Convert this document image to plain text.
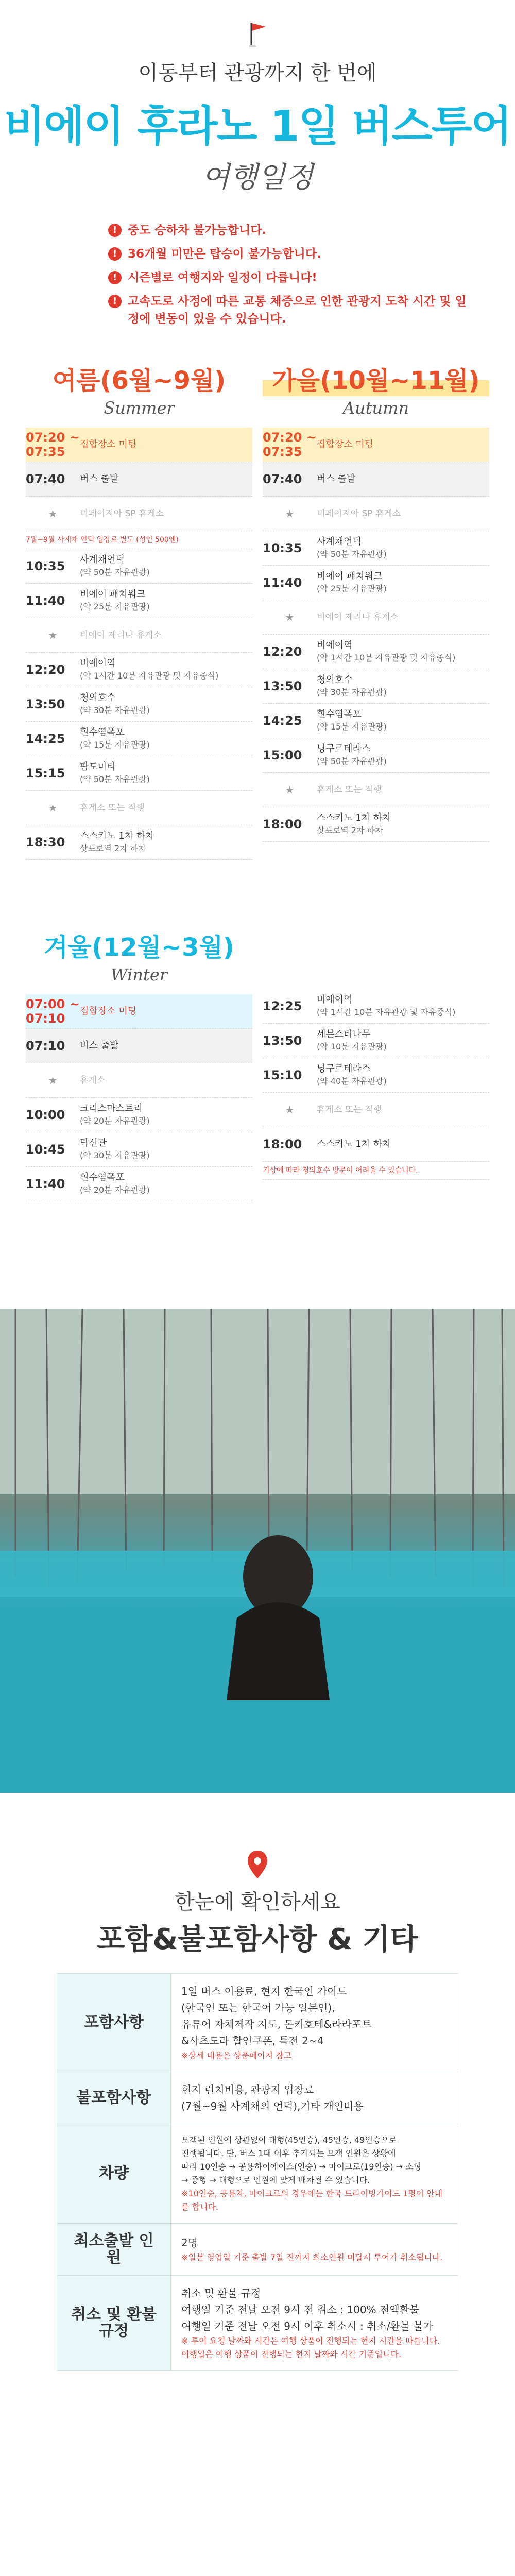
이동부터 관광까지 한 번에
비에이 후라노 1일 버스투어
여행일정
! 중도 승하차 불가능합니다.
! 36개월 미만은 탑승이 불가능합니다.
! 시즌별로 여행지와 일정이 다릅니다!
! 고속도로 사정에 따른 교통 체증으로 인한 관광지 도착 시간 및 일정에 변동이 있을 수 있습니다.
여름(6월~9월)
Summer
가을(10월~11월)
Autumn
07:20 ~ 07:35
집합장소 미팅
07:40	버스 출발
★	미페이지아 SP 휴게소
7월~9월 사계채 언덕 입장료 별도 (성인 500엔)
10:35	사계채언덕
(약 50분 자유관광)
11:40	비에이 패치워크
(약 25분 자유관광)
★	비에이 제리나 휴게소
12:20	비에이역
(약 1시간 10분 자유관광 및 자유중식)
13:50	청의호수
(약 30분 자유관광)
14:25	흰수염폭포
(약 15분 자유관광)
15:15	팜도미타
(약 50분 자유관광)
★	휴게소 또는 직행
18:30	스스키노 1차 하차
삿포로역 2차 하차
07:20 ~ 07:35
집합장소 미팅
07:40	버스 출발
★	미페이지아 SP 휴게소
10:35	사계채언덕
(약 50분 자유관광)
11:40	비에이 패치워크
(약 25분 자유관광)
★	비에이 제리나 휴게소
12:20	비에이역
(약 1시간 10분 자유관광 및 자유중식)
13:50	청의호수
(약 30분 자유관광)
14:25	흰수염폭포
(약 15분 자유관광)
15:00	닝구르테라스
(약 50분 자유관광)
★	휴게소 또는 직행
18:00	스스키노 1차 하차
삿포로역 2차 하차
겨울(12월~3월)
Winter
07:00 ~ 07:10
집합장소 미팅
07:10	버스 출발
★	휴게소
10:00	크리스마스트리
(약 20분 자유관광)
10:45	탁신관
(약 30분 자유관광)
11:40	흰수염폭포
(약 20분 자유관광)
12:25	비에이역
(약 1시간 10분 자유관광 및 자유중식)
13:50	세븐스타나무
(약 10분 자유관광)
15:10	닝구르테라스
(약 40분 자유관광)
★	휴게소 또는 직행
18:00	스스키노 1차 하차
기상에 따라 청의호수 방문이 어려울 수 있습니다.
한눈에 확인하세요
포함&불포함사항 & 기타
포함사항	1일 버스 이용료, 현지 한국인 가이드
(한국인 또는 한국어 가능 일본인),
유튜어 자체제작 지도, 돈키호테&라라포트
&사츠도라 할인쿠폰, 특전 2~4
※상세 내용은 상품페이지 참고

불포함사항	현지 런치비용, 관광지 입장료
(7월~9월 사계채의 언덕),기타 개인비용

차량	모객된 인원에 상관없이 대형(45인승), 45인승, 49인승으로
진행됩니다. 단, 버스 1대 이후 추가되는 모객 인원은 상황에
따라 10인승 → 공용하이에이스(인승) → 마이크로(19인승) → 소형
→ 중형 → 대형으로 인원에 맞게 배차될 수 있습니다.
※10인승, 공용차, 마이크로의 경우에는 한국 드라이빙가이드 1명이 안내를 합니다.

최소출발 인원	2명
※일본 영업일 기준 출발 7일 전까지 최소인원 미달시 투어가 취소됩니다.

취소 및 환불규정	취소 및 환불 규정
여행일 기준 전날 오전 9시 전 취소 : 100% 전액환불
여행일 기준 전날 오전 9시 이후 취소시 : 취소/환불 불가
※ 투어 요청 날짜와 시간은 여행 상품이 진행되는 현지 시간을 따릅니다. 여행일은 여행 상품이 진행되는 현지 날짜와 시간 기준입니다.
